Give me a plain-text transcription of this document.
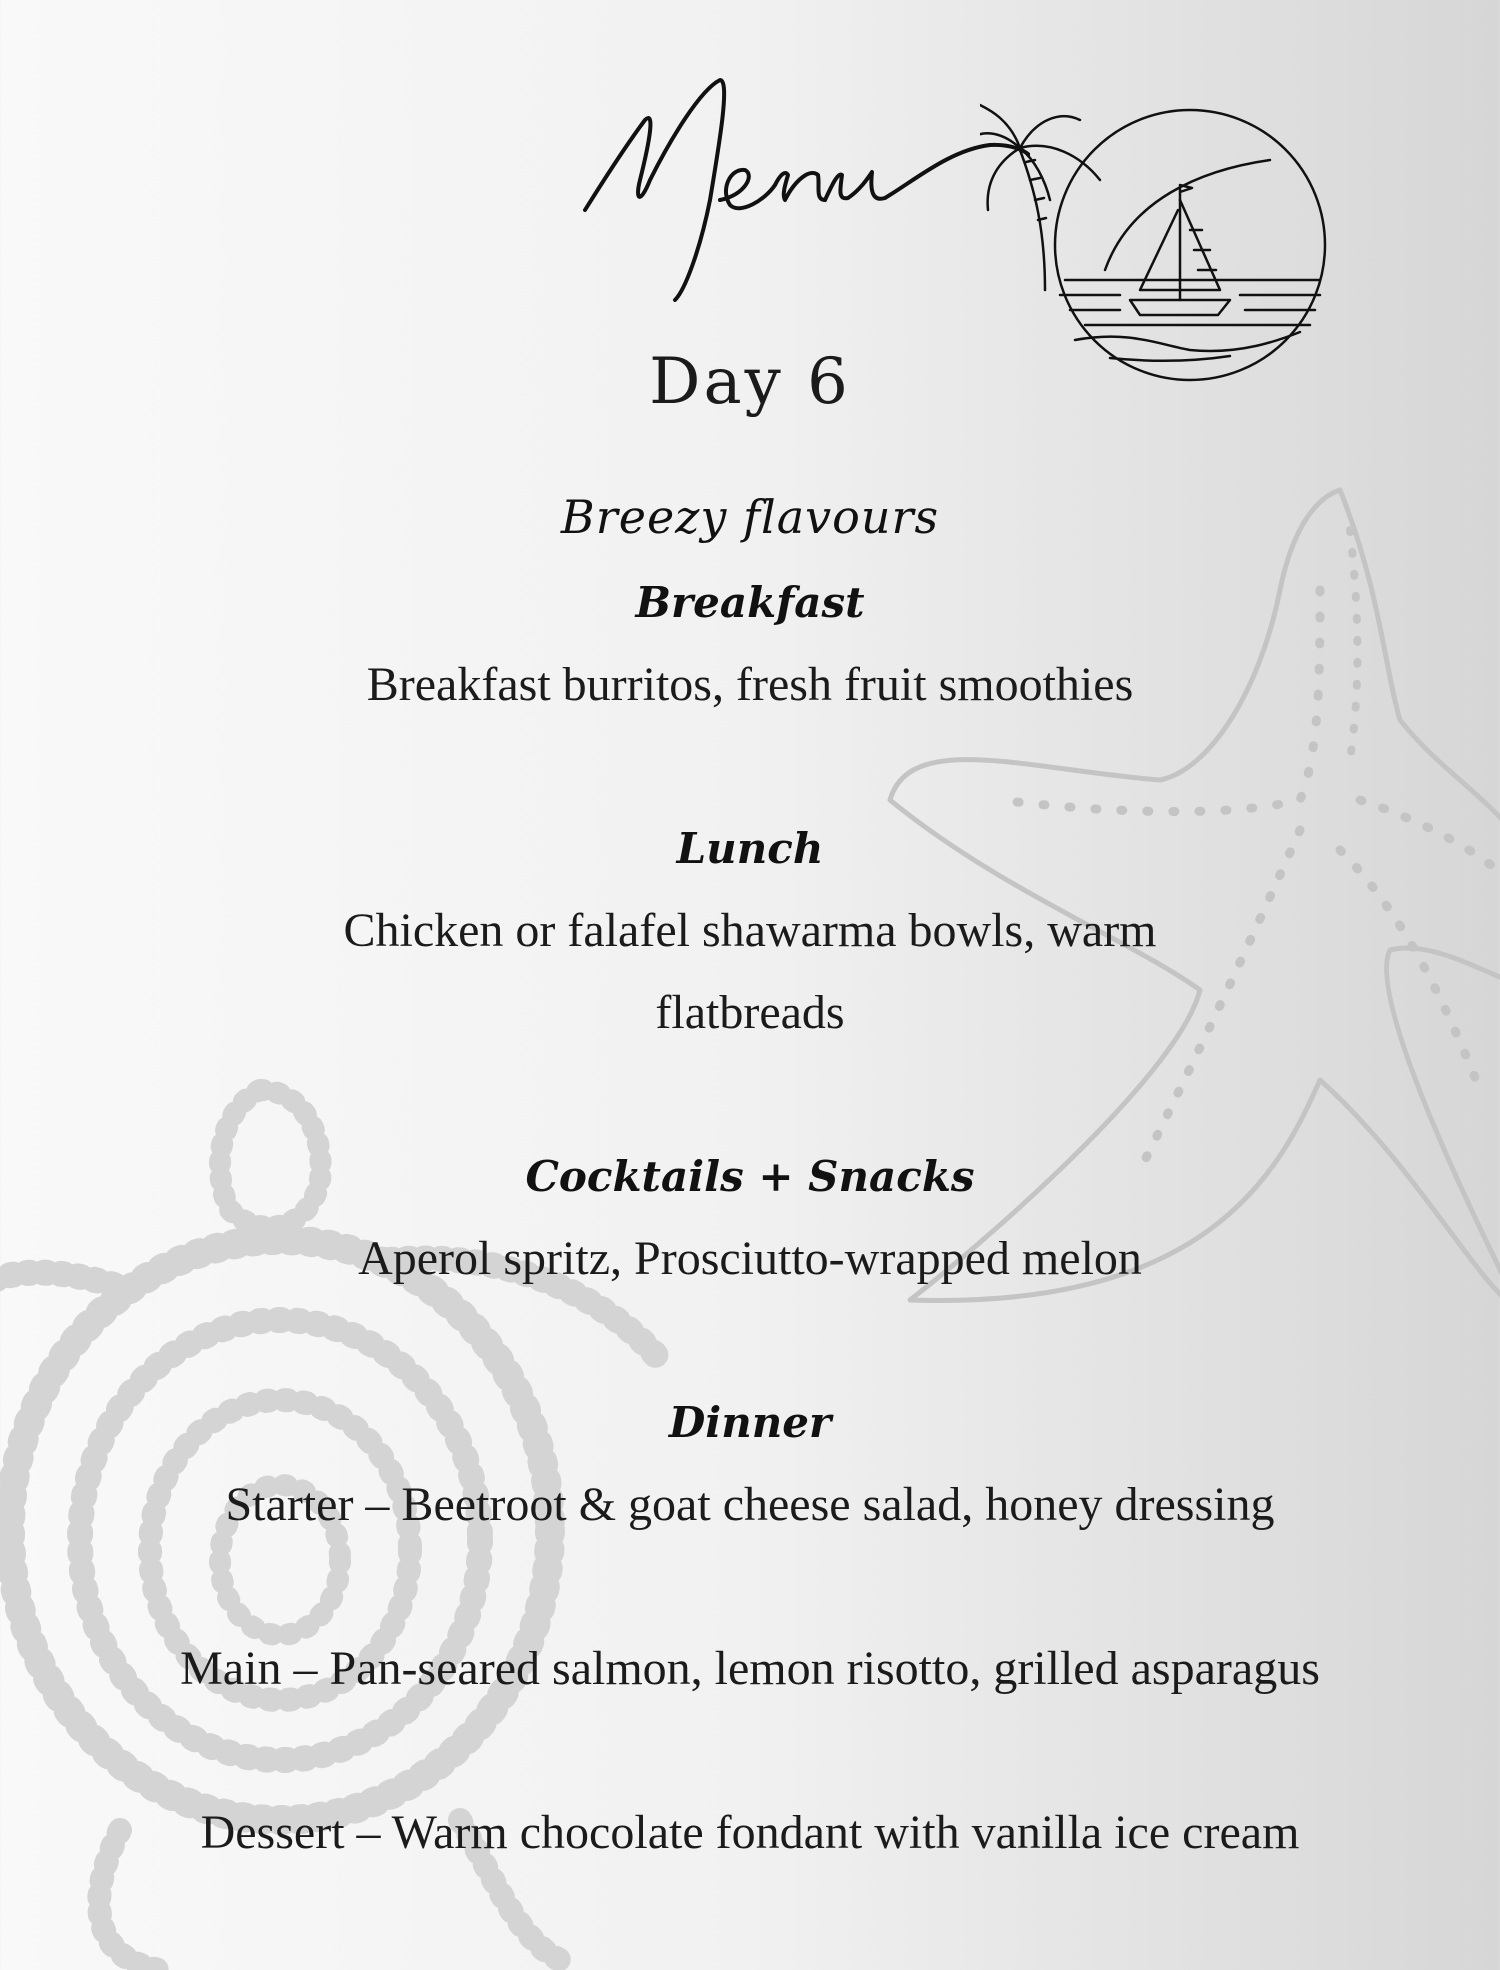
Day 6
Breezy flavours
Breakfast
Breakfast burritos, fresh fruit smoothies
Lunch
Chicken or falafel shawarma bowls, warm flatbreads
Cocktails + Snacks
Aperol spritz, Prosciutto-wrapped melon
Dinner
Starter – Beetroot & goat cheese salad, honey dressing
Main – Pan-seared salmon, lemon risotto, grilled asparagus
Dessert – Warm chocolate fondant with vanilla ice cream
